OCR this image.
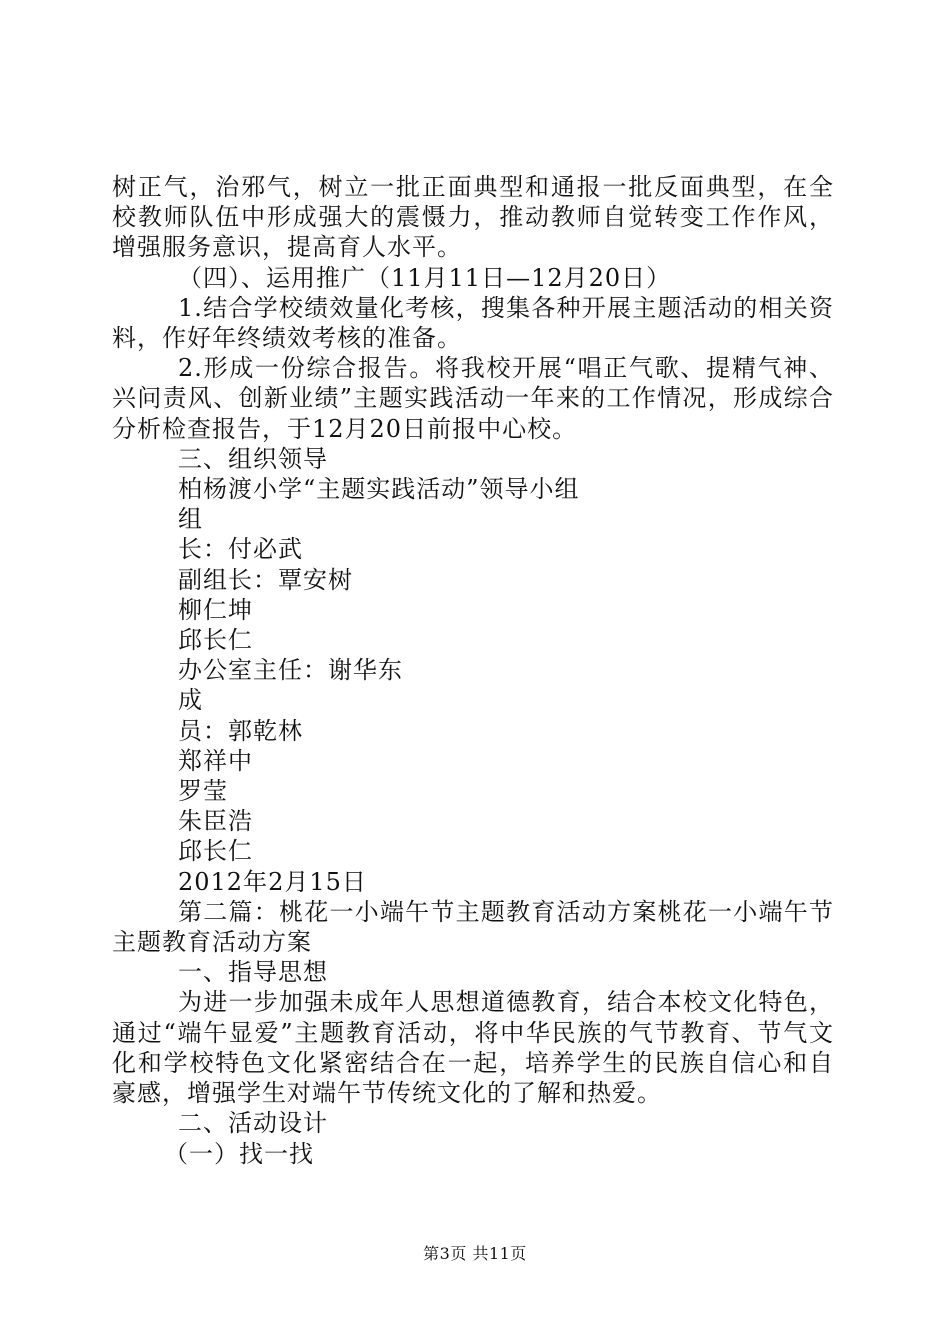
树正气，治邪气，树立一批正面典型和通报一批反面典型，在全校教师队伍中形成强大的震慑力，推动教师自觉转变工作作风，增强服务意识，提高育人水平。

（四）、运用推广（11月11日—12月20日）

1.结合学校绩效量化考核，搜集各种开展主题活动的相关资料，作好年终绩效考核的准备。

2.形成一份综合报告。将我校开展“唱正气歌、提精气神、兴问责风、创新业绩”主题实践活动一年来的工作情况，形成综合分析检查报告，于12月20日前报中心校。

三、组织领导

柏杨渡小学“主题实践活动”领导小组

组

长：付必武

副组长：覃安树

柳仁坤

邱长仁

办公室主任：谢华东

成

员：郭乾林

郑祥中

罗莹

朱臣浩

邱长仁

2012年2月15日

第二篇：桃花一小端午节主题教育活动方案桃花一小端午节主题教育活动方案

一、指导思想

为进一步加强未成年人思想道德教育，结合本校文化特色，通过“端午显爱”主题教育活动，将中华民族的气节教育、节气文化和学校特色文化紧密结合在一起，培养学生的民族自信心和自豪感，增强学生对端午节传统文化的了解和热爱。

二、活动设计

（一）找一找

第3页 共11页
